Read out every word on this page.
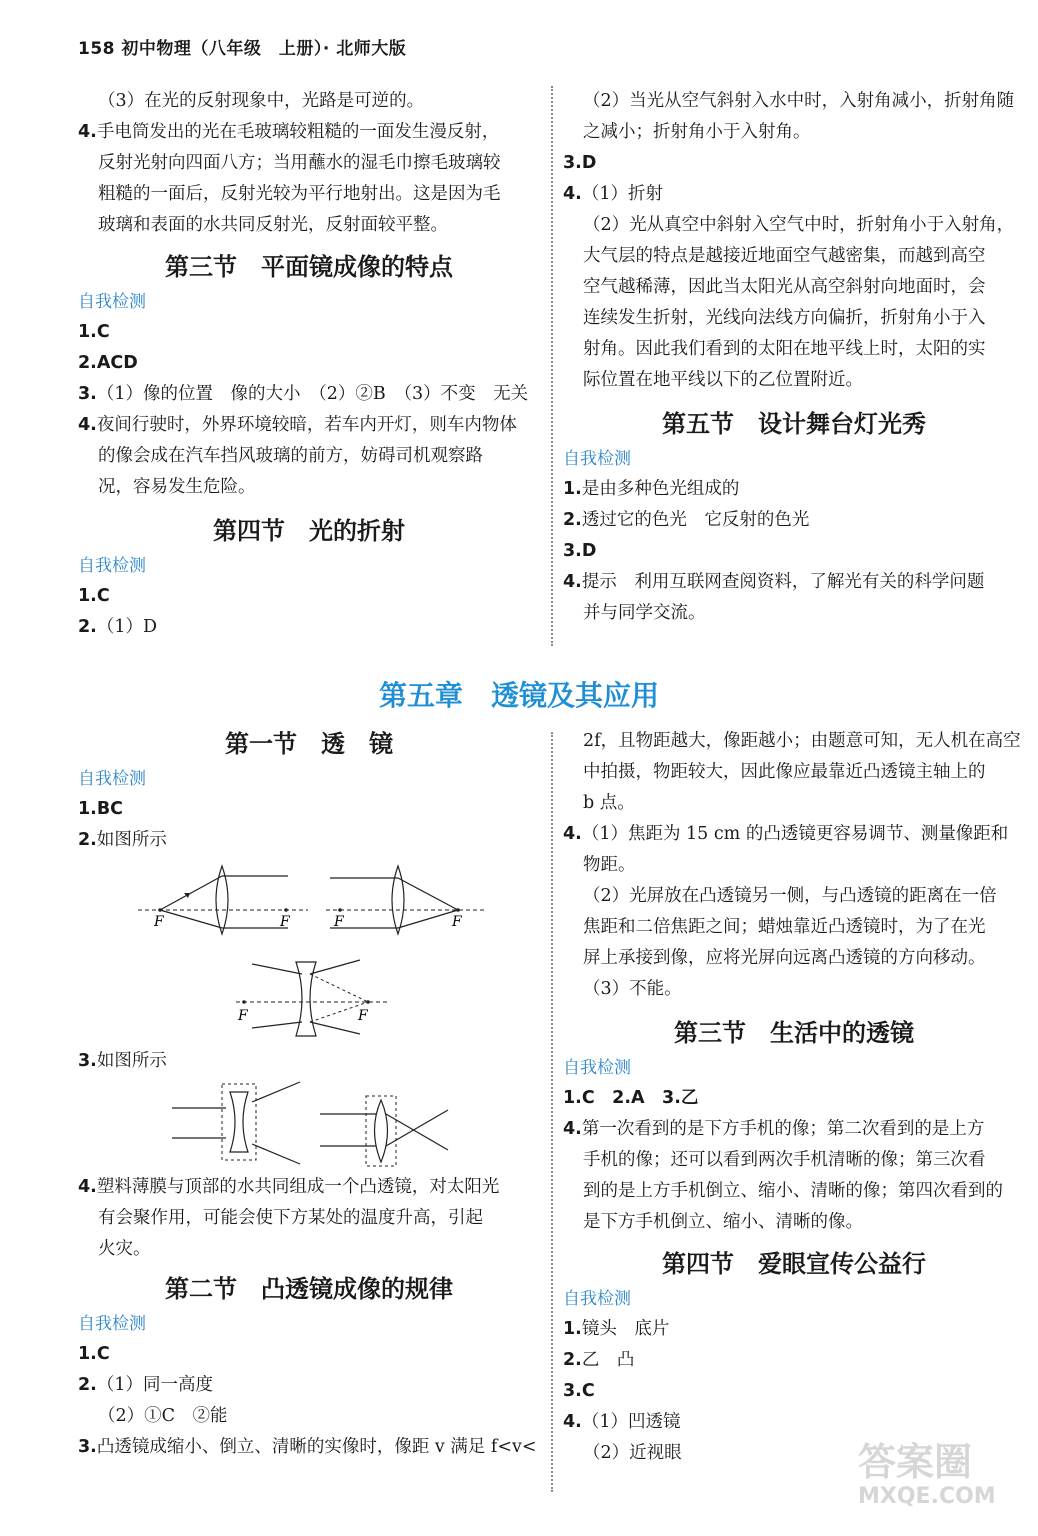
158 初中物理（八年级　上册）· 北师大版
（3）在光的反射现象中，光路是可逆的。
4.手电筒发出的光在毛玻璃较粗糙的一面发生漫反射，
反射光射向四面八方；当用蘸水的湿毛巾擦毛玻璃较
粗糙的一面后，反射光较为平行地射出。这是因为毛
玻璃和表面的水共同反射光，反射面较平整。
第三节　平面镜成像的特点
自我检测
1.C
2.ACD
3.（1）像的位置　像的大小　（2）②B　（3）不变　无关
4.夜间行驶时，外界环境较暗，若车内开灯，则车内物体
的像会成在汽车挡风玻璃的前方，妨碍司机观察路
况，容易发生危险。
第四节　光的折射
自我检测
1.C
2.（1）D
（2）当光从空气斜射入水中时，入射角减小，折射角随
之减小；折射角小于入射角。
3.D
4.（1）折射
（2）光从真空中斜射入空气中时，折射角小于入射角，
大气层的特点是越接近地面空气越密集，而越到高空
空气越稀薄，因此当太阳光从高空斜射向地面时，会
连续发生折射，光线向法线方向偏折，折射角小于入
射角。因此我们看到的太阳在地平线上时，太阳的实
际位置在地平线以下的乙位置附近。
第五节　设计舞台灯光秀
自我检测
1.是由多种色光组成的
2.透过它的色光　它反射的色光
3.D
4.提示　利用互联网查阅资料，了解光有关的科学问题
并与同学交流。
第五章　透镜及其应用
第一节　透　镜
自我检测
1.BC
2.如图所示
F	F	F	F
F	F
3.如图所示
4.塑料薄膜与顶部的水共同组成一个凸透镜，对太阳光
有会聚作用，可能会使下方某处的温度升高，引起
火灾。
第二节　凸透镜成像的规律
自我检测
1.C
2.（1）同一高度
（2）①C　②能
3.凸透镜成缩小、倒立、清晰的实像时，像距 v 满足 f<v<
2f，且物距越大，像距越小；由题意可知，无人机在高空
中拍摄，物距较大，因此像应最靠近凸透镜主轴上的
b 点。
4.（1）焦距为 15 cm 的凸透镜更容易调节、测量像距和
物距。
（2）光屏放在凸透镜另一侧，与凸透镜的距离在一倍
焦距和二倍焦距之间；蜡烛靠近凸透镜时，为了在光
屏上承接到像，应将光屏向远离凸透镜的方向移动。
（3）不能。
第三节　生活中的透镜
自我检测
1.C　2.A　3.乙
4.第一次看到的是下方手机的像；第二次看到的是上方
手机的像；还可以看到两次手机清晰的像；第三次看
到的是上方手机倒立、缩小、清晰的像；第四次看到的
是下方手机倒立、缩小、清晰的像。
第四节　爱眼宣传公益行
自我检测
1.镜头　底片
2.乙　凸
3.C
4.（1）凹透镜
（2）近视眼	答案圈
MXQE.COM
